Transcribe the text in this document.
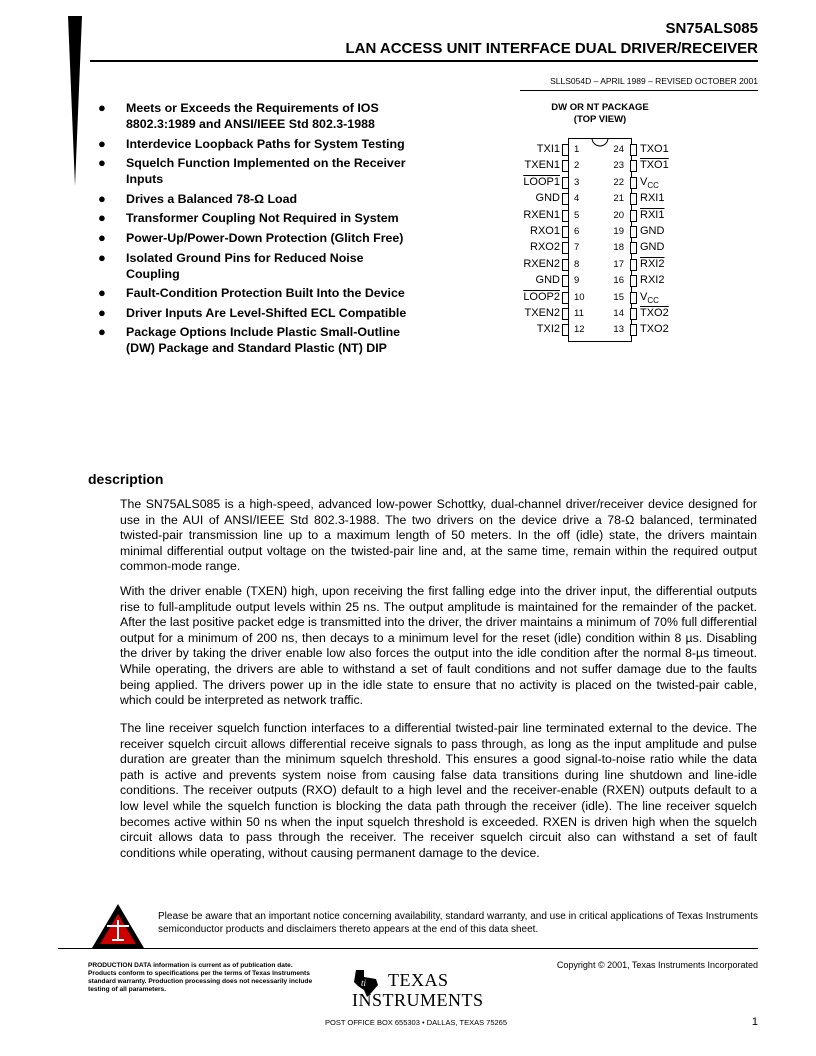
SN75ALS085
LAN ACCESS UNIT INTERFACE DUAL DRIVER/RECEIVER
SLLS054D – APRIL 1989 – REVISED OCTOBER 2001
● Meets or Exceeds the Requirements of IOS 8802.3:1989 and ANSI/IEEE Std 802.3-1988
● Interdevice Loopback Paths for System Testing
● Squelch Function Implemented on the Receiver Inputs
● Drives a Balanced 78-Ω Load
● Transformer Coupling Not Required in System
● Power-Up/Power-Down Protection (Glitch Free)
● Isolated Ground Pins for Reduced Noise Coupling
● Fault-Condition Protection Built Into the Device
● Driver Inputs Are Level-Shifted ECL Compatible
● Package Options Include Plastic Small-Outline (DW) Package and Standard Plastic (NT) DIP
DW OR NT PACKAGE
(TOP VIEW)
TXI1 1
TXEN1 2
LOOP1 3
GND 4
RXEN1 5
RXO1 6
RXO2 7
RXEN2 8
GND 9
LOOP2 10
TXEN2 11
TXI2 12
24 TXO1
23 TXO1
22 $V_{CC}$
21 RXI1
20 RXI1
19 GND
18 GND
17 RXI2
16 RXI2
15 $V_{CC}$
14 TXO2
13 TXO2
description

The SN75ALS085 is a high-speed, advanced low-power Schottky, dual-channel driver/receiver device designed for use in the AUI of ANSI/IEEE Std 802.3-1988. The two drivers on the device drive a 78-Ω balanced, terminated twisted-pair transmission line up to a maximum length of 50 meters. In the off (idle) state, the drivers maintain minimal differential output voltage on the twisted-pair line and, at the same time, remain within the required output common-mode range.

With the driver enable (TXEN) high, upon receiving the first falling edge into the driver input, the differential outputs rise to full-amplitude output levels within 25 ns. The output amplitude is maintained for the remainder of the packet. After the last positive packet edge is transmitted into the driver, the driver maintains a minimum of 70% full differential output for a minimum of 200 ns, then decays to a minimum level for the reset (idle) condition within 8 µs. Disabling the driver by taking the driver enable low also forces the output into the idle condition after the normal 8-µs timeout. While operating, the drivers are able to withstand a set of fault conditions and not suffer damage due to the faults being applied. The drivers power up in the idle state to ensure that no activity is placed on the twisted-pair cable, which could be interpreted as network traffic.

The line receiver squelch function interfaces to a differential twisted-pair line terminated external to the device. The receiver squelch circuit allows differential receive signals to pass through, as long as the input amplitude and pulse duration are greater than the minimum squelch threshold. This ensures a good signal-to-noise ratio while the data path is active and prevents system noise from causing false data transitions during line shutdown and line-idle conditions. The receiver outputs (RXO) default to a high level and the receiver-enable (RXEN) outputs default to a low level while the squelch function is blocking the data path through the receiver (idle). The line receiver squelch becomes active within 50 ns when the input squelch threshold is exceeded. RXEN is driven high when the squelch circuit allows data to pass through the receiver. The receiver squelch circuit also can withstand a set of fault conditions while operating, without causing permanent damage to the device.

Please be aware that an important notice concerning availability, standard warranty, and use in critical applications of Texas Instruments semiconductor products and disclaimers thereto appears at the end of this data sheet.
PRODUCTION DATA information is current as of publication date. Products conform to specifications per the terms of Texas Instruments standard warranty. Production processing does not necessarily include testing of all parameters.
Copyright © 2001, Texas Instruments Incorporated
ti TEXAS
INSTRUMENTS
POST OFFICE BOX 655303 • DALLAS, TEXAS 75265	1
